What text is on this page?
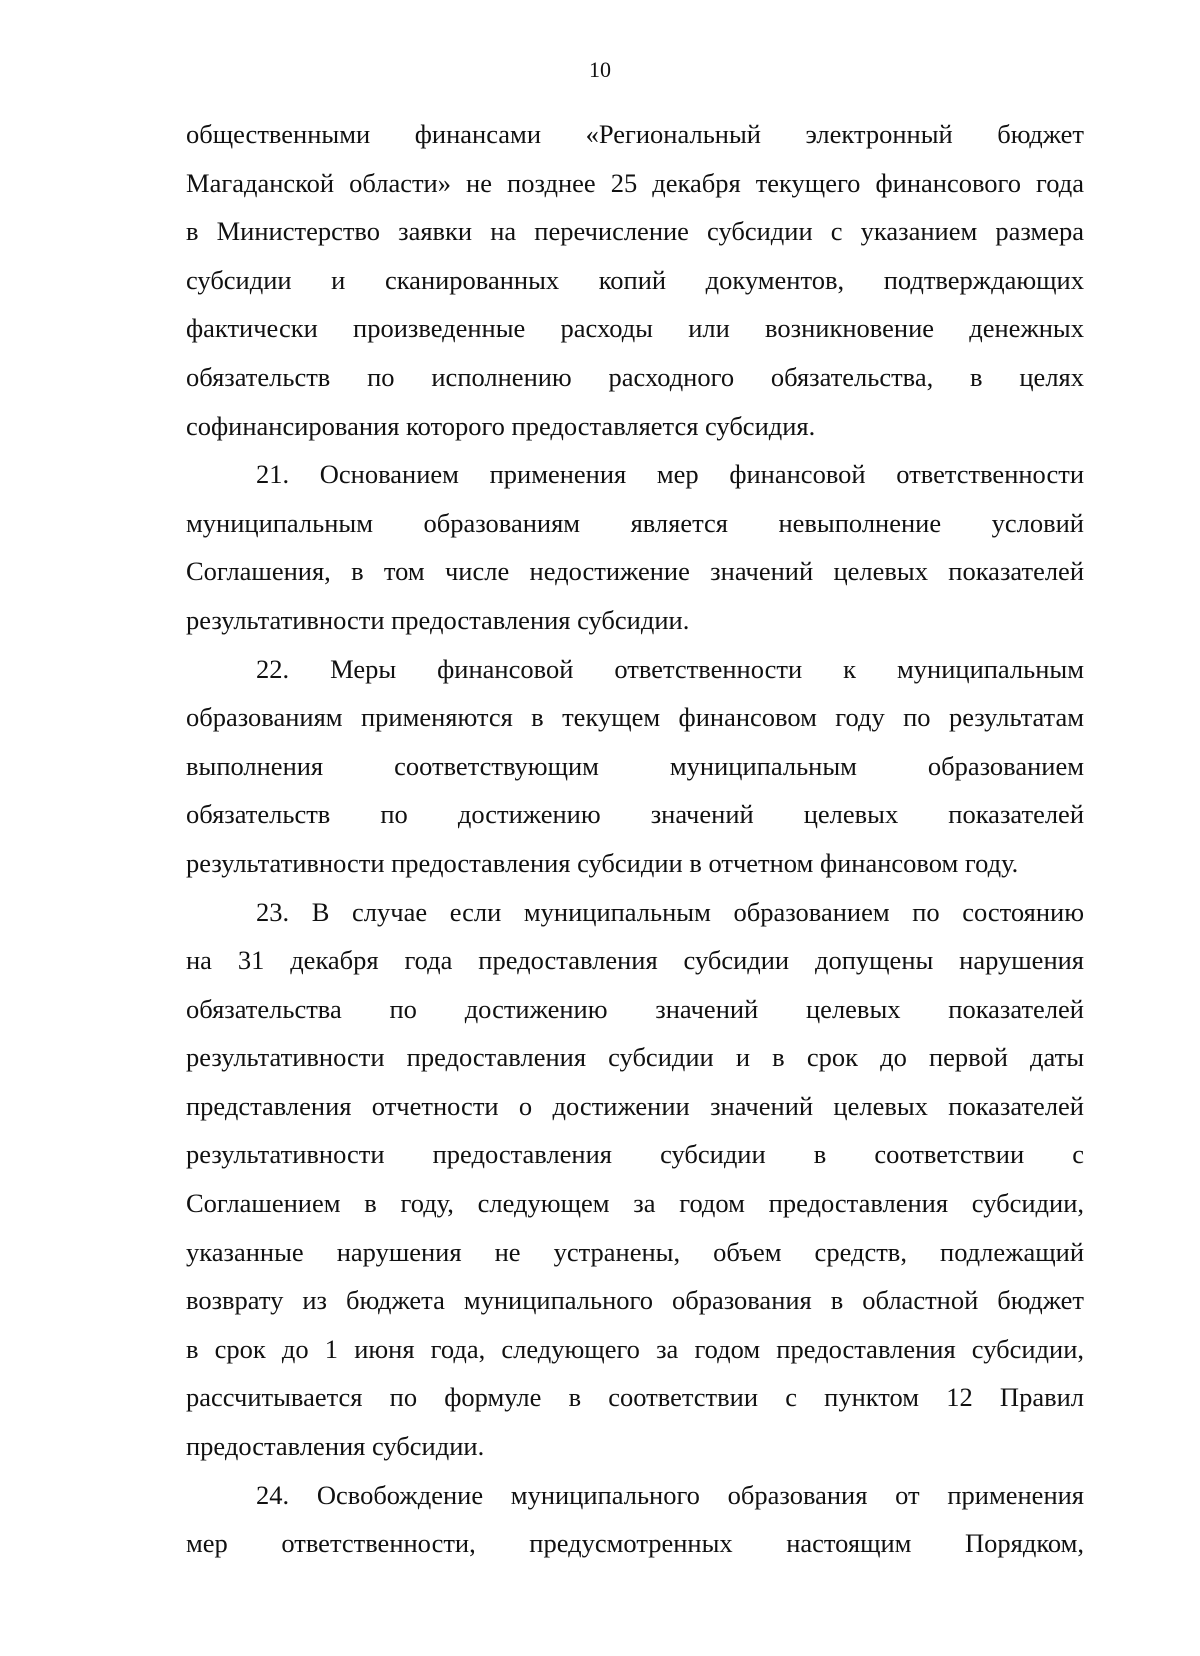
10
общественными финансами «Региональный электронный бюджет
Магаданской области» не позднее 25 декабря текущего финансового года
в Министерство заявки на перечисление субсидии с указанием размера
субсидии и сканированных копий документов, подтверждающих
фактически произведенные расходы или возникновение денежных
обязательств по исполнению расходного обязательства, в целях
софинансирования которого предоставляется субсидия.
21. Основанием применения мер финансовой ответственности
муниципальным образованиям является невыполнение условий
Соглашения, в том числе недостижение значений целевых показателей
результативности предоставления субсидии.
22. Меры финансовой ответственности к муниципальным
образованиям применяются в текущем финансовом году по результатам
выполнения соответствующим муниципальным образованием
обязательств по достижению значений целевых показателей
результативности предоставления субсидии в отчетном финансовом году.
23. В случае если муниципальным образованием по состоянию
на 31 декабря года предоставления субсидии допущены нарушения
обязательства по достижению значений целевых показателей
результативности предоставления субсидии и в срок до первой даты
представления отчетности о достижении значений целевых показателей
результативности предоставления субсидии в соответствии с
Соглашением в году, следующем за годом предоставления субсидии,
указанные нарушения не устранены, объем средств, подлежащий
возврату из бюджета муниципального образования в областной бюджет
в срок до 1 июня года, следующего за годом предоставления субсидии,
рассчитывается по формуле в соответствии с пунктом 12 Правил
предоставления субсидии.
24. Освобождение муниципального образования от применения
мер ответственности, предусмотренных настоящим Порядком,
